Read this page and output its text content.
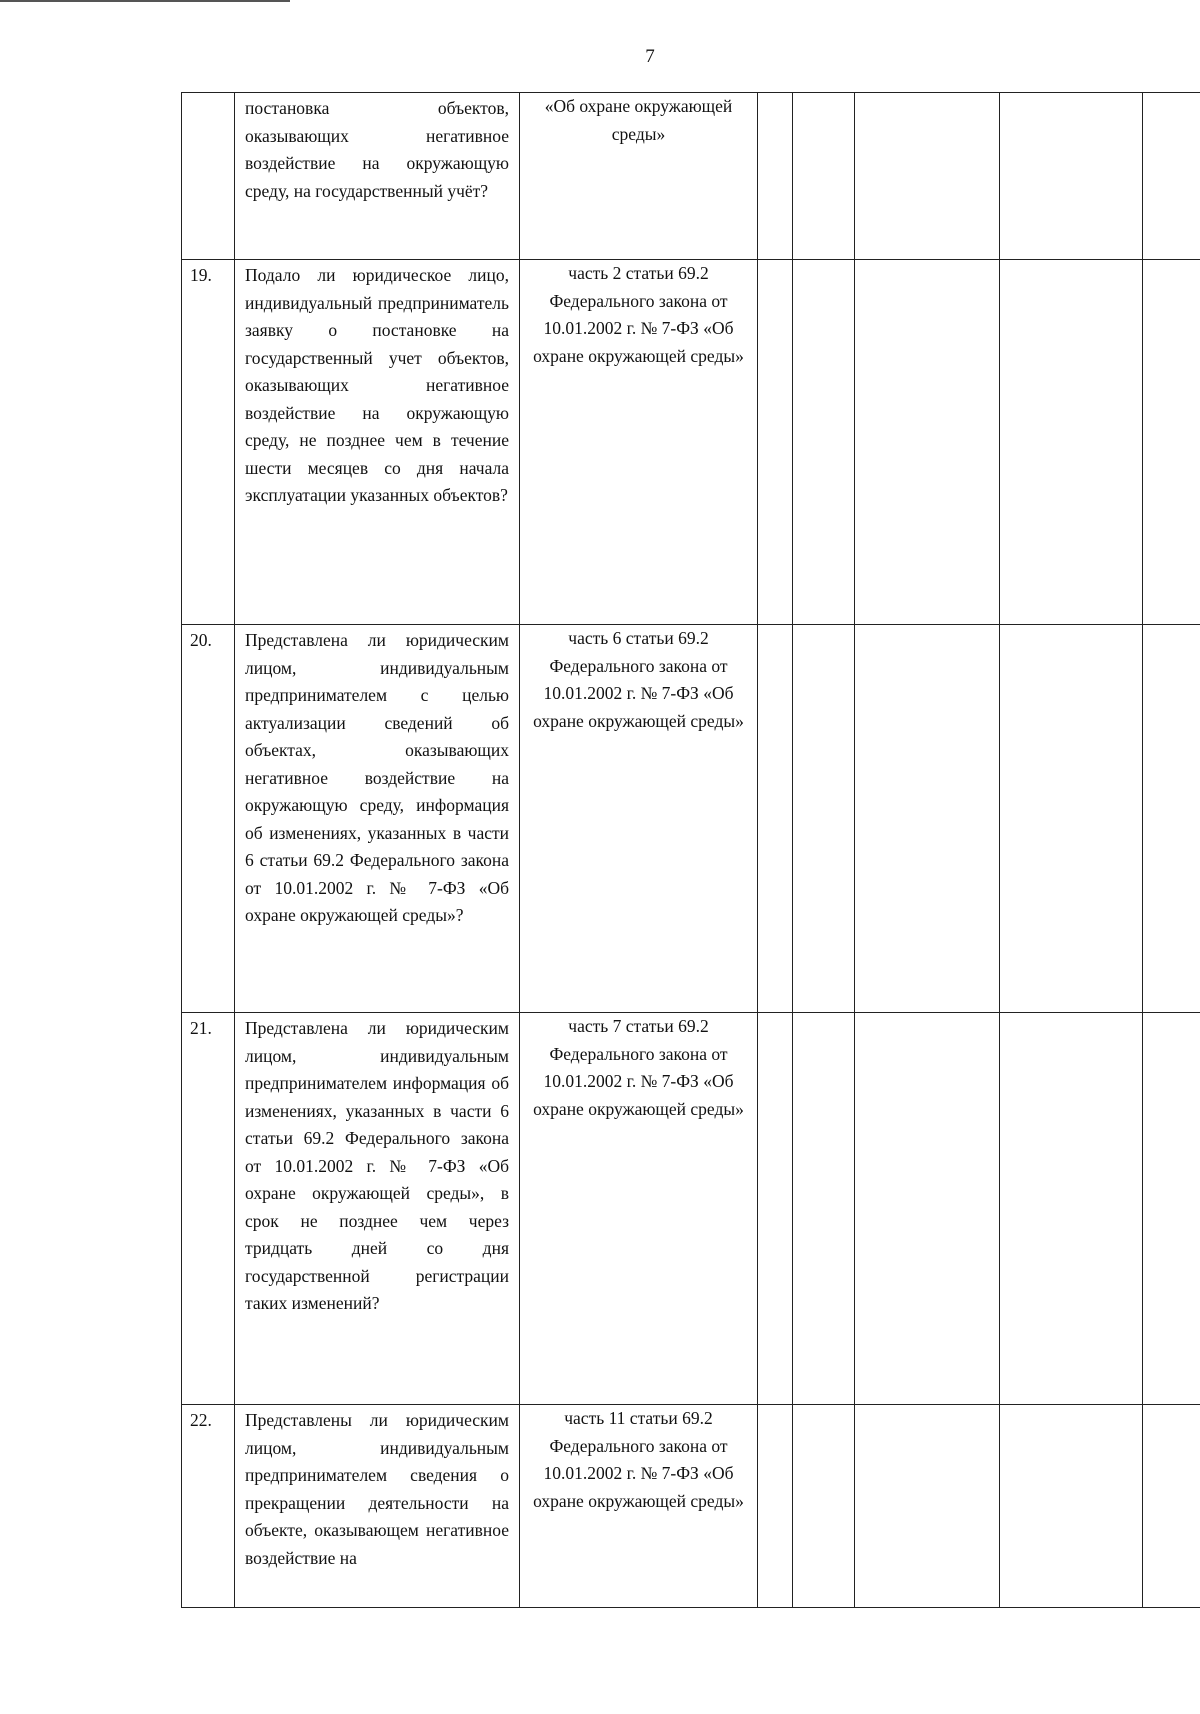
7
	постановка объектов, оказывающих негативное воздействие на окружающую среду, на государственный учёт?	«Об охране окружающей среды»					
19.	Подало ли юридическое лицо, индивидуальный предприниматель заявку о постановке на государственный учет объектов, оказывающих негативное воздействие на окружающую среду, не позднее чем в течение шести месяцев со дня начала эксплуатации указанных объектов?	часть 2 статьи 69.2 Федерального закона от 10.01.2002 г. № 7-ФЗ «Об охране окружающей среды»					
20.	Представлена ли юридическим лицом, индивидуальным предпринимателем с целью актуализации сведений об объектах, оказывающих негативное воздействие на окружающую среду, информация об изменениях, указанных в части 6 статьи 69.2 Федерального закона от 10.01.2002 г. № 7-ФЗ «Об охране окружающей среды»?	часть 6 статьи 69.2 Федерального закона от 10.01.2002 г. № 7-ФЗ «Об охране окружающей среды»					
21.	Представлена ли юридическим лицом, индивидуальным предпринимателем информация об изменениях, указанных в части 6 статьи 69.2 Федерального закона от 10.01.2002 г. № 7-ФЗ «Об охране окружающей среды», в срок не позднее чем через тридцать дней со дня государственной регистрации таких изменений?	часть 7 статьи 69.2 Федерального закона от 10.01.2002 г. № 7-ФЗ «Об охране окружающей среды»					
22.	Представлены ли юридическим лицом, индивидуальным предпринимателем сведения о прекращении деятельности на объекте, оказывающем негативное воздействие на	часть 11 статьи 69.2 Федерального закона от 10.01.2002 г. № 7-ФЗ «Об охране окружающей среды»					
